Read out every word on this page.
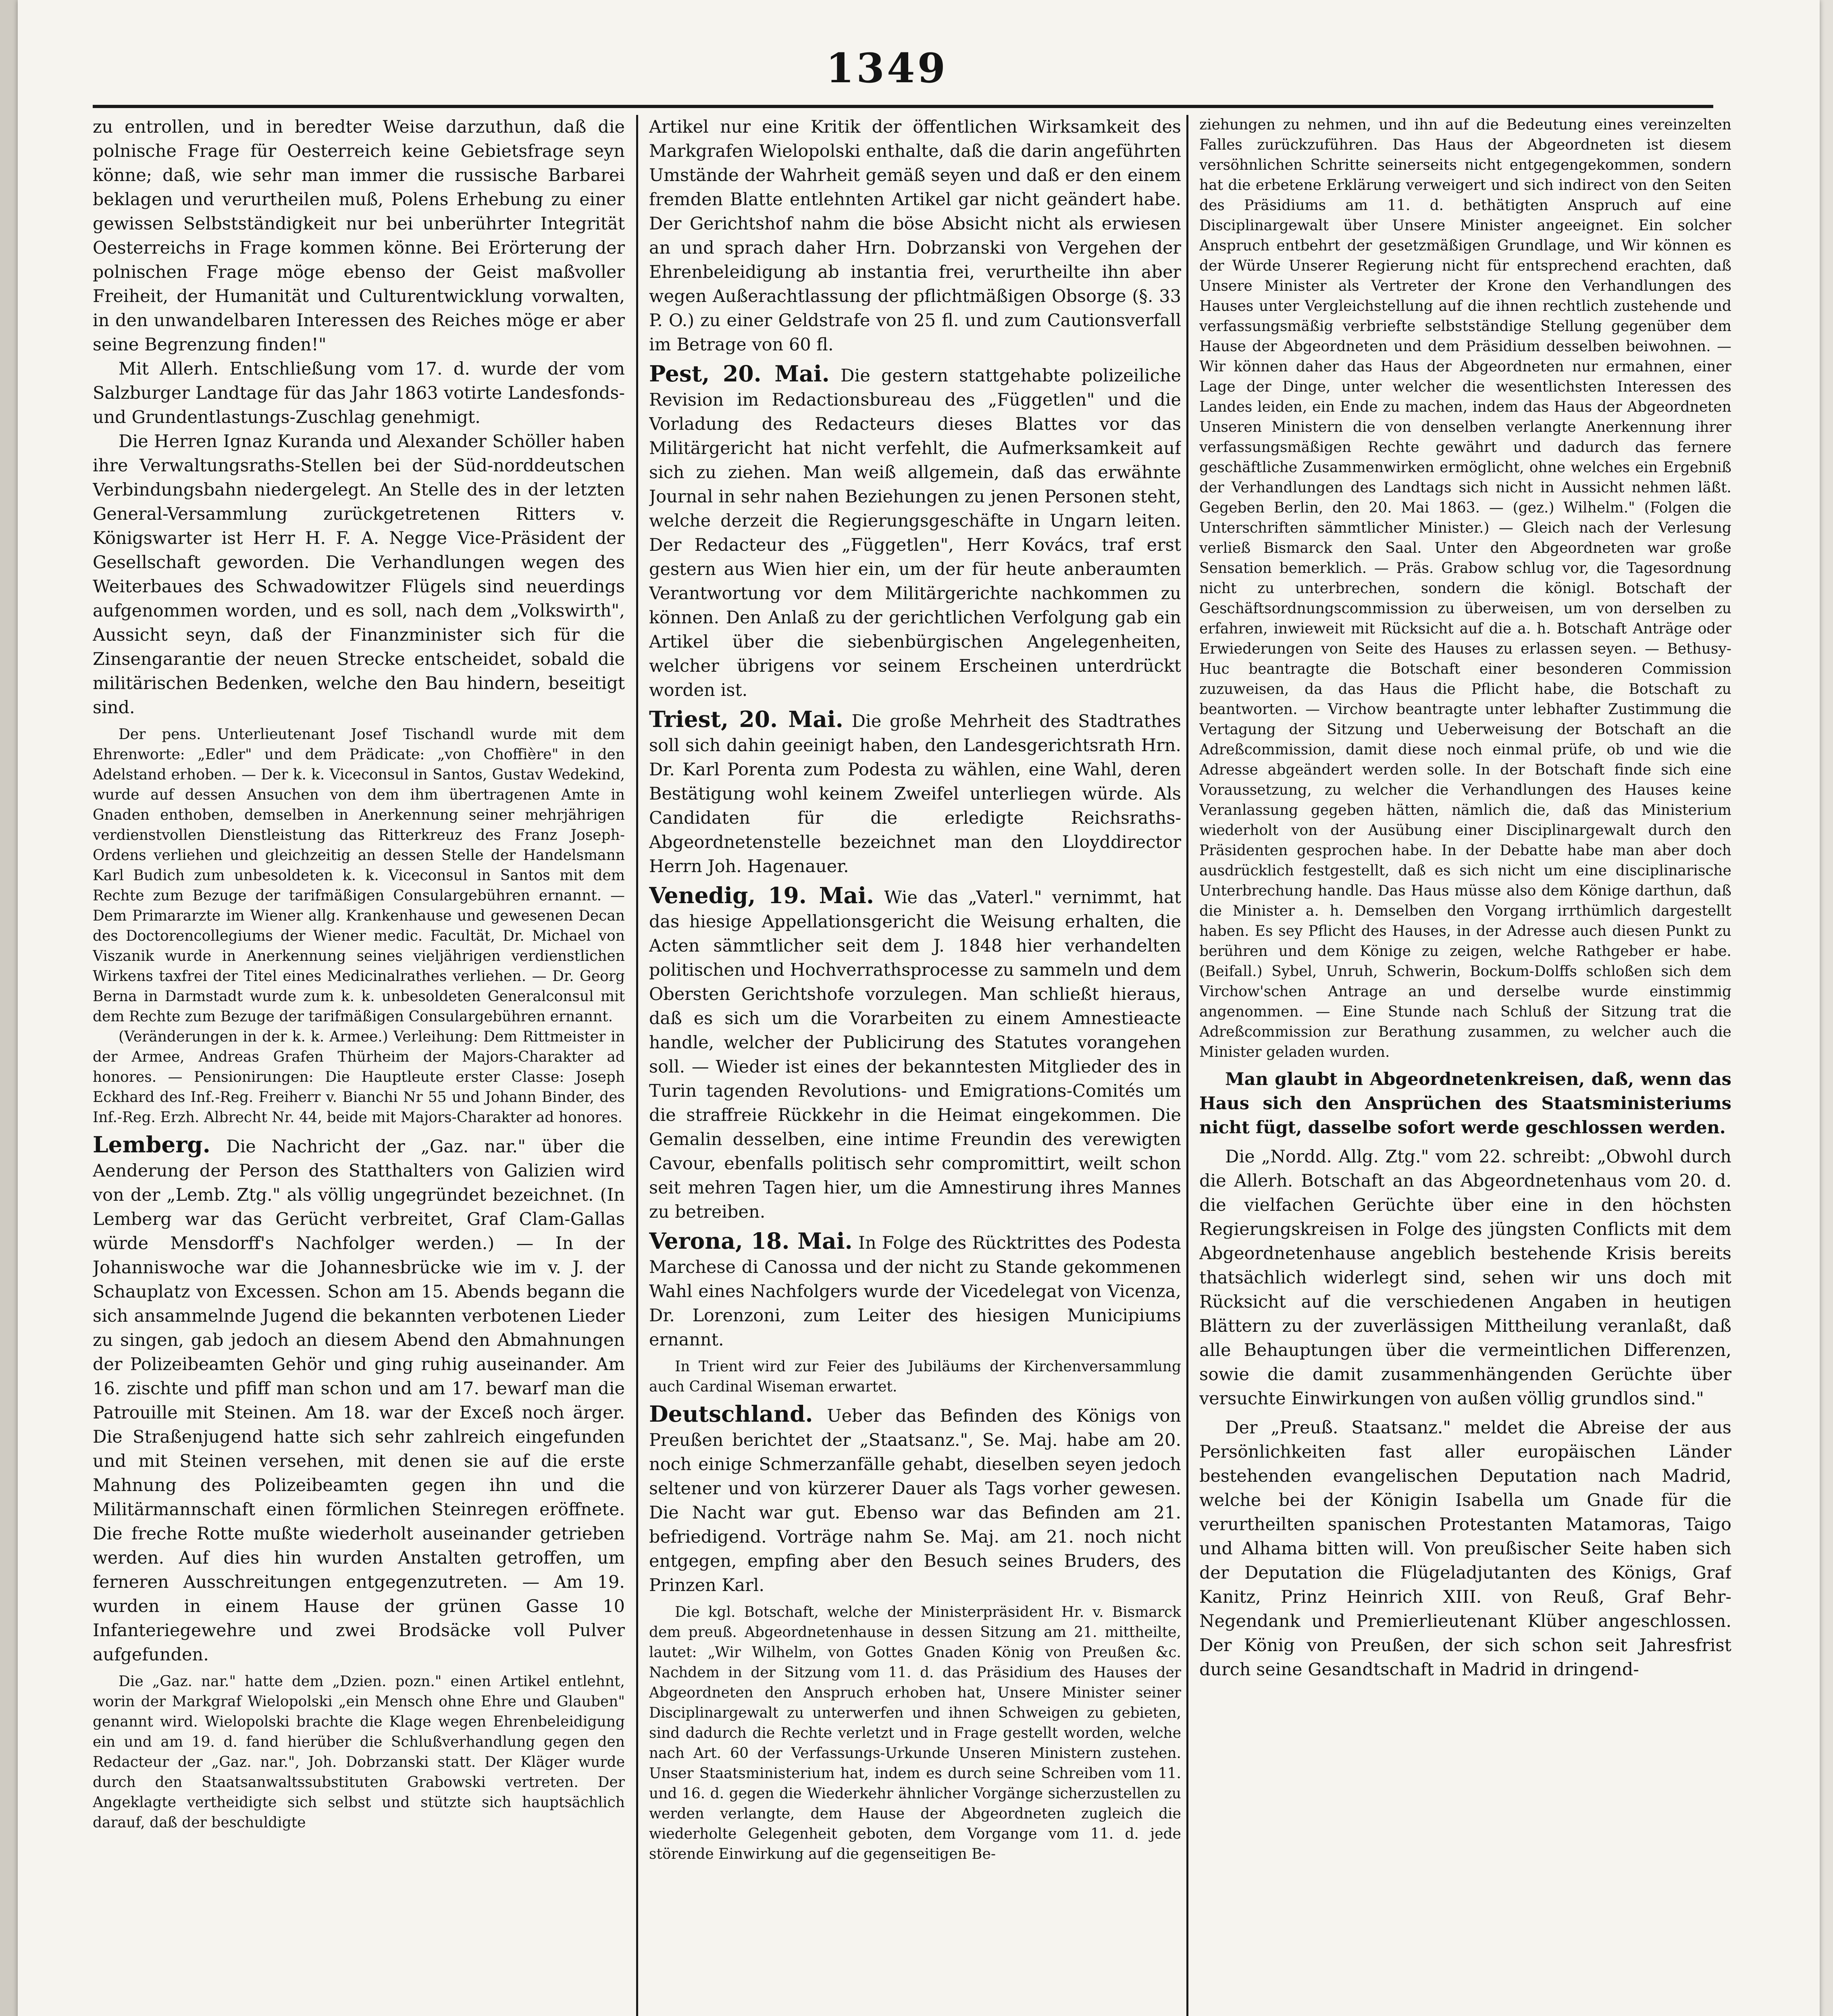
1349

zu entrollen, und in beredter Weise darzuthun, daß die polnische Frage für Oesterreich keine Gebietsfrage seyn könne; daß, wie sehr man immer die russische Barbarei beklagen und verurtheilen muß, Polens Erhebung zu einer gewissen Selbstständigkeit nur bei unberührter Integrität Oesterreichs in Frage kommen könne. Bei Erörterung der polnischen Frage möge ebenso der Geist maßvoller Freiheit, der Humanität und Culturentwicklung vorwalten, in den unwandelbaren Interessen des Reiches möge er aber seine Begrenzung finden!"

Mit Allerh. Entschließung vom 17. d. wurde der vom Salzburger Landtage für das Jahr 1863 votirte Landesfonds- und Grundentlastungs-Zuschlag genehmigt.

Die Herren Ignaz Kuranda und Alexander Schöller haben ihre Verwaltungsraths-Stellen bei der Süd-norddeutschen Verbindungsbahn niedergelegt. An Stelle des in der letzten General-Versammlung zurückgetretenen Ritters v. Königswarter ist Herr H. F. A. Negge Vice-Präsident der Gesellschaft geworden. Die Verhandlungen wegen des Weiterbaues des Schwadowitzer Flügels sind neuerdings aufgenommen worden, und es soll, nach dem „Volkswirth", Aussicht seyn, daß der Finanzminister sich für die Zinsengarantie der neuen Strecke entscheidet, sobald die militärischen Bedenken, welche den Bau hindern, beseitigt sind.

Der pens. Unterlieutenant Josef Tischandl wurde mit dem Ehrenworte: „Edler" und dem Prädicate: „von Choffière" in den Adelstand erhoben. — Der k. k. Viceconsul in Santos, Gustav Wedekind, wurde auf dessen Ansuchen von dem ihm übertragenen Amte in Gnaden enthoben, demselben in Anerkennung seiner mehrjährigen verdienstvollen Dienstleistung das Ritterkreuz des Franz Joseph-Ordens verliehen und gleichzeitig an dessen Stelle der Handelsmann Karl Budich zum unbesoldeten k. k. Viceconsul in Santos mit dem Rechte zum Bezuge der tarifmäßigen Consulargebühren ernannt. — Dem Primararzte im Wiener allg. Krankenhause und gewesenen Decan des Doctorencollegiums der Wiener medic. Facultät, Dr. Michael von Viszanik wurde in Anerkennung seines vieljährigen verdienstlichen Wirkens taxfrei der Titel eines Medicinalrathes verliehen. — Dr. Georg Berna in Darmstadt wurde zum k. k. unbesoldeten Generalconsul mit dem Rechte zum Bezuge der tarifmäßigen Consulargebühren ernannt.

(Veränderungen in der k. k. Armee.) Verleihung: Dem Rittmeister in der Armee, Andreas Grafen Thürheim der Majors-Charakter ad honores. — Pensionirungen: Die Hauptleute erster Classe: Joseph Eckhard des Inf.-Reg. Freiherr v. Bianchi Nr 55 und Johann Binder, des Inf.-Reg. Erzh. Albrecht Nr. 44, beide mit Majors-Charakter ad honores.

Lemberg. Die Nachricht der „Gaz. nar." über die Aenderung der Person des Statthalters von Galizien wird von der „Lemb. Ztg." als völlig ungegründet bezeichnet. (In Lemberg war das Gerücht verbreitet, Graf Clam-Gallas würde Mensdorff's Nachfolger werden.) — In der Johanniswoche war die Johannesbrücke wie im v. J. der Schauplatz von Excessen. Schon am 15. Abends begann die sich ansammelnde Jugend die bekannten verbotenen Lieder zu singen, gab jedoch an diesem Abend den Abmahnungen der Polizeibeamten Gehör und ging ruhig auseinander. Am 16. zischte und pfiff man schon und am 17. bewarf man die Patrouille mit Steinen. Am 18. war der Exceß noch ärger. Die Straßenjugend hatte sich sehr zahlreich eingefunden und mit Steinen versehen, mit denen sie auf die erste Mahnung des Polizeibeamten gegen ihn und die Militärmannschaft einen förmlichen Steinregen eröffnete. Die freche Rotte mußte wiederholt auseinander getrieben werden. Auf dies hin wurden Anstalten getroffen, um ferneren Ausschreitungen entgegenzutreten. — Am 19. wurden in einem Hause der grünen Gasse 10 Infanteriegewehre und zwei Brodsäcke voll Pulver aufgefunden.

Die „Gaz. nar." hatte dem „Dzien. pozn." einen Artikel entlehnt, worin der Markgraf Wielopolski „ein Mensch ohne Ehre und Glauben" genannt wird. Wielopolski brachte die Klage wegen Ehrenbeleidigung ein und am 19. d. fand hierüber die Schlußverhandlung gegen den Redacteur der „Gaz. nar.", Joh. Dobrzanski statt. Der Kläger wurde durch den Staatsanwaltssubstituten Grabowski vertreten. Der Angeklagte vertheidigte sich selbst und stützte sich hauptsächlich darauf, daß der beschuldigte

Artikel nur eine Kritik der öffentlichen Wirksamkeit des Markgrafen Wielopolski enthalte, daß die darin angeführten Umstände der Wahrheit gemäß seyen und daß er den einem fremden Blatte entlehnten Artikel gar nicht geändert habe. Der Gerichtshof nahm die böse Absicht nicht als erwiesen an und sprach daher Hrn. Dobrzanski von Vergehen der Ehrenbeleidigung ab instantia frei, verurtheilte ihn aber wegen Außerachtlassung der pflichtmäßigen Obsorge (§. 33 P. O.) zu einer Geldstrafe von 25 fl. und zum Cautionsverfall im Betrage von 60 fl.

Pest, 20. Mai. Die gestern stattgehabte polizeiliche Revision im Redactionsbureau des „Független" und die Vorladung des Redacteurs dieses Blattes vor das Militärgericht hat nicht verfehlt, die Aufmerksamkeit auf sich zu ziehen. Man weiß allgemein, daß das erwähnte Journal in sehr nahen Beziehungen zu jenen Personen steht, welche derzeit die Regierungsgeschäfte in Ungarn leiten. Der Redacteur des „Független", Herr Kovács, traf erst gestern aus Wien hier ein, um der für heute anberaumten Verantwortung vor dem Militärgerichte nachkommen zu können. Den Anlaß zu der gerichtlichen Verfolgung gab ein Artikel über die siebenbürgischen Angelegenheiten, welcher übrigens vor seinem Erscheinen unterdrückt worden ist.

Triest, 20. Mai. Die große Mehrheit des Stadtrathes soll sich dahin geeinigt haben, den Landesgerichtsrath Hrn. Dr. Karl Porenta zum Podesta zu wählen, eine Wahl, deren Bestätigung wohl keinem Zweifel unterliegen würde. Als Candidaten für die erledigte Reichsraths-Abgeordnetenstelle bezeichnet man den Lloyddirector Herrn Joh. Hagenauer.

Venedig, 19. Mai. Wie das „Vaterl." vernimmt, hat das hiesige Appellationsgericht die Weisung erhalten, die Acten sämmtlicher seit dem J. 1848 hier verhandelten politischen und Hochverrathsprocesse zu sammeln und dem Obersten Gerichtshofe vorzulegen. Man schließt hieraus, daß es sich um die Vorarbeiten zu einem Amnestieacte handle, welcher der Publicirung des Statutes vorangehen soll. — Wieder ist eines der bekanntesten Mitglieder des in Turin tagenden Revolutions- und Emigrations-Comités um die straffreie Rückkehr in die Heimat eingekommen. Die Gemalin desselben, eine intime Freundin des verewigten Cavour, ebenfalls politisch sehr compromittirt, weilt schon seit mehren Tagen hier, um die Amnestirung ihres Mannes zu betreiben.

Verona, 18. Mai. In Folge des Rücktrittes des Podesta Marchese di Canossa und der nicht zu Stande gekommenen Wahl eines Nachfolgers wurde der Vicedelegat von Vicenza, Dr. Lorenzoni, zum Leiter des hiesigen Municipiums ernannt.

In Trient wird zur Feier des Jubiläums der Kirchenversammlung auch Cardinal Wiseman erwartet.

Deutschland. Ueber das Befinden des Königs von Preußen berichtet der „Staatsanz.", Se. Maj. habe am 20. noch einige Schmerzanfälle gehabt, dieselben seyen jedoch seltener und von kürzerer Dauer als Tags vorher gewesen. Die Nacht war gut. Ebenso war das Befinden am 21. befriedigend. Vorträge nahm Se. Maj. am 21. noch nicht entgegen, empfing aber den Besuch seines Bruders, des Prinzen Karl.

Die kgl. Botschaft, welche der Ministerpräsident Hr. v. Bismarck dem preuß. Abgeordnetenhause in dessen Sitzung am 21. mittheilte, lautet: „Wir Wilhelm, von Gottes Gnaden König von Preußen &c. Nachdem in der Sitzung vom 11. d. das Präsidium des Hauses der Abgeordneten den Anspruch erhoben hat, Unsere Minister seiner Disciplinargewalt zu unterwerfen und ihnen Schweigen zu gebieten, sind dadurch die Rechte verletzt und in Frage gestellt worden, welche nach Art. 60 der Verfassungs-Urkunde Unseren Ministern zustehen. Unser Staatsministerium hat, indem es durch seine Schreiben vom 11. und 16. d. gegen die Wiederkehr ähnlicher Vorgänge sicherzustellen zu werden verlangte, dem Hause der Abgeordneten zugleich die wiederholte Gelegenheit geboten, dem Vorgange vom 11. d. jede störende Einwirkung auf die gegenseitigen Be-

ziehungen zu nehmen, und ihn auf die Bedeutung eines vereinzelten Falles zurückzuführen. Das Haus der Abgeordneten ist diesem versöhnlichen Schritte seinerseits nicht entgegengekommen, sondern hat die erbetene Erklärung verweigert und sich indirect von den Seiten des Präsidiums am 11. d. bethätigten Anspruch auf eine Disciplinargewalt über Unsere Minister angeeignet. Ein solcher Anspruch entbehrt der gesetzmäßigen Grundlage, und Wir können es der Würde Unserer Regierung nicht für entsprechend erachten, daß Unsere Minister als Vertreter der Krone den Verhandlungen des Hauses unter Vergleichstellung auf die ihnen rechtlich zustehende und verfassungsmäßig verbriefte selbstständige Stellung gegenüber dem Hause der Abgeordneten und dem Präsidium desselben beiwohnen. — Wir können daher das Haus der Abgeordneten nur ermahnen, einer Lage der Dinge, unter welcher die wesentlichsten Interessen des Landes leiden, ein Ende zu machen, indem das Haus der Abgeordneten Unseren Ministern die von denselben verlangte Anerkennung ihrer verfassungsmäßigen Rechte gewährt und dadurch das fernere geschäftliche Zusammenwirken ermöglicht, ohne welches ein Ergebniß der Verhandlungen des Landtags sich nicht in Aussicht nehmen läßt. Gegeben Berlin, den 20. Mai 1863. — (gez.) Wilhelm." (Folgen die Unterschriften sämmtlicher Minister.) — Gleich nach der Verlesung verließ Bismarck den Saal. Unter den Abgeordneten war große Sensation bemerklich. — Präs. Grabow schlug vor, die Tagesordnung nicht zu unterbrechen, sondern die königl. Botschaft der Geschäftsordnungscommission zu überweisen, um von derselben zu erfahren, inwieweit mit Rücksicht auf die a. h. Botschaft Anträge oder Erwiederungen von Seite des Hauses zu erlassen seyen. — Bethusy-Huc beantragte die Botschaft einer besonderen Commission zuzuweisen, da das Haus die Pflicht habe, die Botschaft zu beantworten. — Virchow beantragte unter lebhafter Zustimmung die Vertagung der Sitzung und Ueberweisung der Botschaft an die Adreßcommission, damit diese noch einmal prüfe, ob und wie die Adresse abgeändert werden solle. In der Botschaft finde sich eine Voraussetzung, zu welcher die Verhandlungen des Hauses keine Veranlassung gegeben hätten, nämlich die, daß das Ministerium wiederholt von der Ausübung einer Disciplinargewalt durch den Präsidenten gesprochen habe. In der Debatte habe man aber doch ausdrücklich festgestellt, daß es sich nicht um eine disciplinarische Unterbrechung handle. Das Haus müsse also dem Könige darthun, daß die Minister a. h. Demselben den Vorgang irrthümlich dargestellt haben. Es sey Pflicht des Hauses, in der Adresse auch diesen Punkt zu berühren und dem Könige zu zeigen, welche Rathgeber er habe. (Beifall.) Sybel, Unruh, Schwerin, Bockum-Dolffs schloßen sich dem Virchow'schen Antrage an und derselbe wurde einstimmig angenommen. — Eine Stunde nach Schluß der Sitzung trat die Adreßcommission zur Berathung zusammen, zu welcher auch die Minister geladen wurden.

Man glaubt in Abgeordnetenkreisen, daß, wenn das Haus sich den Ansprüchen des Staatsministeriums nicht fügt, dasselbe sofort werde geschlossen werden.

Die „Nordd. Allg. Ztg." vom 22. schreibt: „Obwohl durch die Allerh. Botschaft an das Abgeordnetenhaus vom 20. d. die vielfachen Gerüchte über eine in den höchsten Regierungskreisen in Folge des jüngsten Conflicts mit dem Abgeordnetenhause angeblich bestehende Krisis bereits thatsächlich widerlegt sind, sehen wir uns doch mit Rücksicht auf die verschiedenen Angaben in heutigen Blättern zu der zuverlässigen Mittheilung veranlaßt, daß alle Behauptungen über die vermeintlichen Differenzen, sowie die damit zusammenhängenden Gerüchte über versuchte Einwirkungen von außen völlig grundlos sind."

Der „Preuß. Staatsanz." meldet die Abreise der aus Persönlichkeiten fast aller europäischen Länder bestehenden evangelischen Deputation nach Madrid, welche bei der Königin Isabella um Gnade für die verurtheilten spanischen Protestanten Matamoras, Taigo und Alhama bitten will. Von preußischer Seite haben sich der Deputation die Flügeladjutanten des Königs, Graf Kanitz, Prinz Heinrich XIII. von Reuß, Graf Behr-Negendank und Premierlieutenant Klüber angeschlossen. Der König von Preußen, der sich schon seit Jahresfrist durch seine Gesandtschaft in Madrid in dringend-
